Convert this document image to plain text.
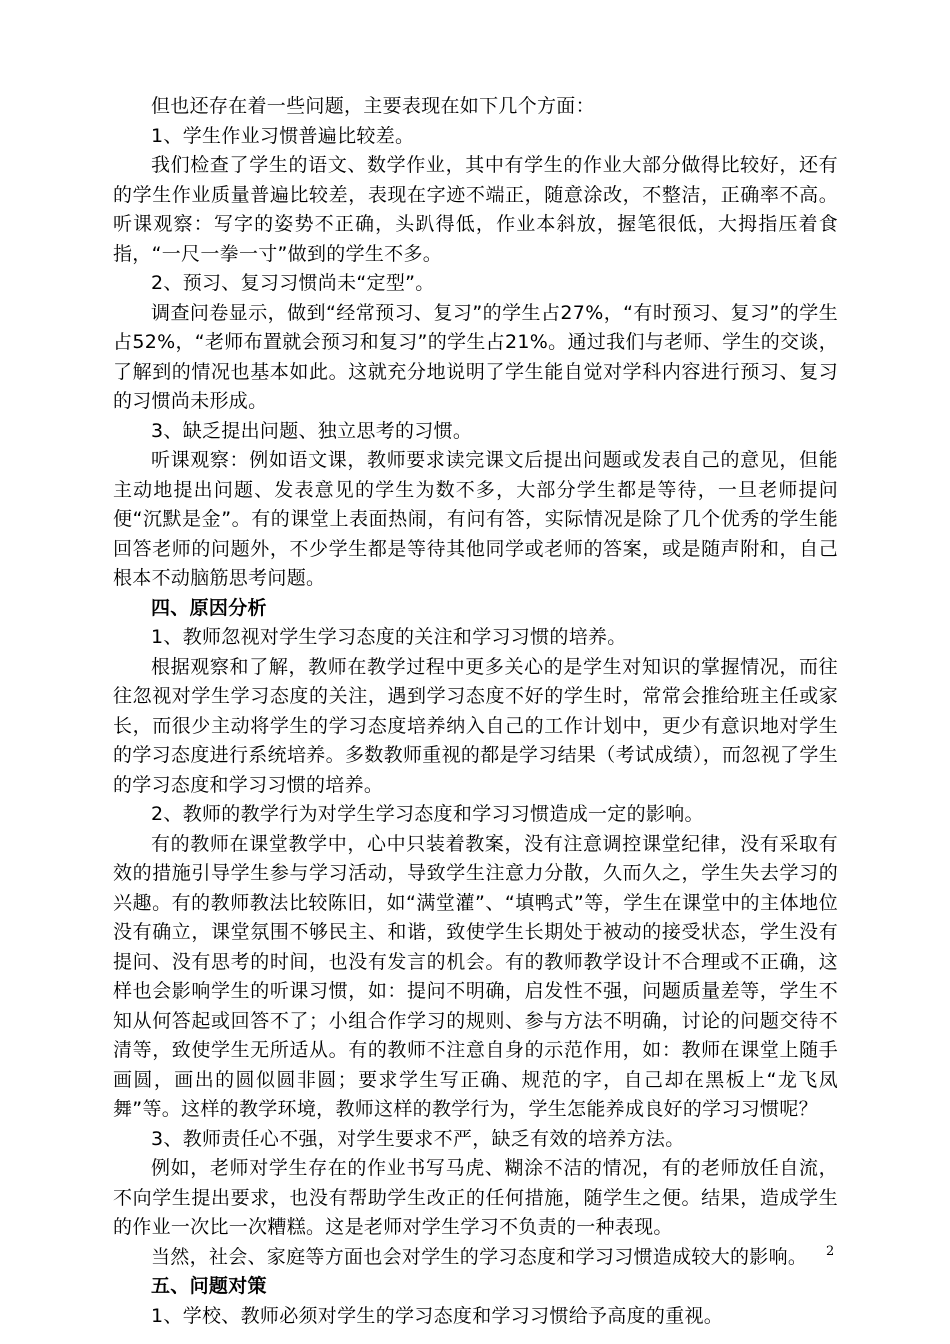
但也还存在着一些问题，主要表现在如下几个方面：

1、学生作业习惯普遍比较差。

我们检查了学生的语文、数学作业，其中有学生的作业大部分做得比较好，还有的学生作业质量普遍比较差，表现在字迹不端正，随意涂改，不整洁，正确率不高。听课观察：写字的姿势不正确，头趴得低，作业本斜放，握笔很低，大拇指压着食指，“一尺一拳一寸”做到的学生不多。

2、预习、复习习惯尚未“定型”。

调查问卷显示，做到“经常预习、复习”的学生占27%，“有时预习、复习”的学生占52%，“老师布置就会预习和复习”的学生占21%。通过我们与老师、学生的交谈，了解到的情况也基本如此。这就充分地说明了学生能自觉对学科内容进行预习、复习的习惯尚未形成。

3、缺乏提出问题、独立思考的习惯。

听课观察：例如语文课，教师要求读完课文后提出问题或发表自己的意见，但能主动地提出问题、发表意见的学生为数不多，大部分学生都是等待，一旦老师提问便“沉默是金”。有的课堂上表面热闹，有问有答，实际情况是除了几个优秀的学生能回答老师的问题外，不少学生都是等待其他同学或老师的答案，或是随声附和，自己根本不动脑筋思考问题。

四、原因分析

1、教师忽视对学生学习态度的关注和学习习惯的培养。

根据观察和了解，教师在教学过程中更多关心的是学生对知识的掌握情况，而往往忽视对学生学习态度的关注，遇到学习态度不好的学生时，常常会推给班主任或家长，而很少主动将学生的学习态度培养纳入自己的工作计划中，更少有意识地对学生的学习态度进行系统培养。多数教师重视的都是学习结果（考试成绩），而忽视了学生的学习态度和学习习惯的培养。

2、教师的教学行为对学生学习态度和学习习惯造成一定的影响。

有的教师在课堂教学中，心中只装着教案，没有注意调控课堂纪律，没有采取有效的措施引导学生参与学习活动，导致学生注意力分散，久而久之，学生失去学习的兴趣。有的教师教法比较陈旧，如“满堂灌”、“填鸭式”等，学生在课堂中的主体地位没有确立，课堂氛围不够民主、和谐，致使学生长期处于被动的接受状态，学生没有提问、没有思考的时间，也没有发言的机会。有的教师教学设计不合理或不正确，这样也会影响学生的听课习惯，如：提问不明确，启发性不强，问题质量差等，学生不知从何答起或回答不了；小组合作学习的规则、参与方法不明确，讨论的问题交待不清等，致使学生无所适从。有的教师不注意自身的示范作用，如：教师在课堂上随手画圆，画出的圆似圆非圆；要求学生写正确、规范的字，自己却在黑板上“龙飞凤舞”等。这样的教学环境，教师这样的教学行为，学生怎能养成良好的学习习惯呢？

3、教师责任心不强，对学生要求不严，缺乏有效的培养方法。

例如，老师对学生存在的作业书写马虎、糊涂不洁的情况，有的老师放任自流，不向学生提出要求，也没有帮助学生改正的任何措施，随学生之便。结果，造成学生的作业一次比一次糟糕。这是老师对学生学习不负责的一种表现。

当然，社会、家庭等方面也会对学生的学习态度和学习习惯造成较大的影响。

五、问题对策

1、学校、教师必须对学生的学习态度和学习习惯给予高度的重视。

2
